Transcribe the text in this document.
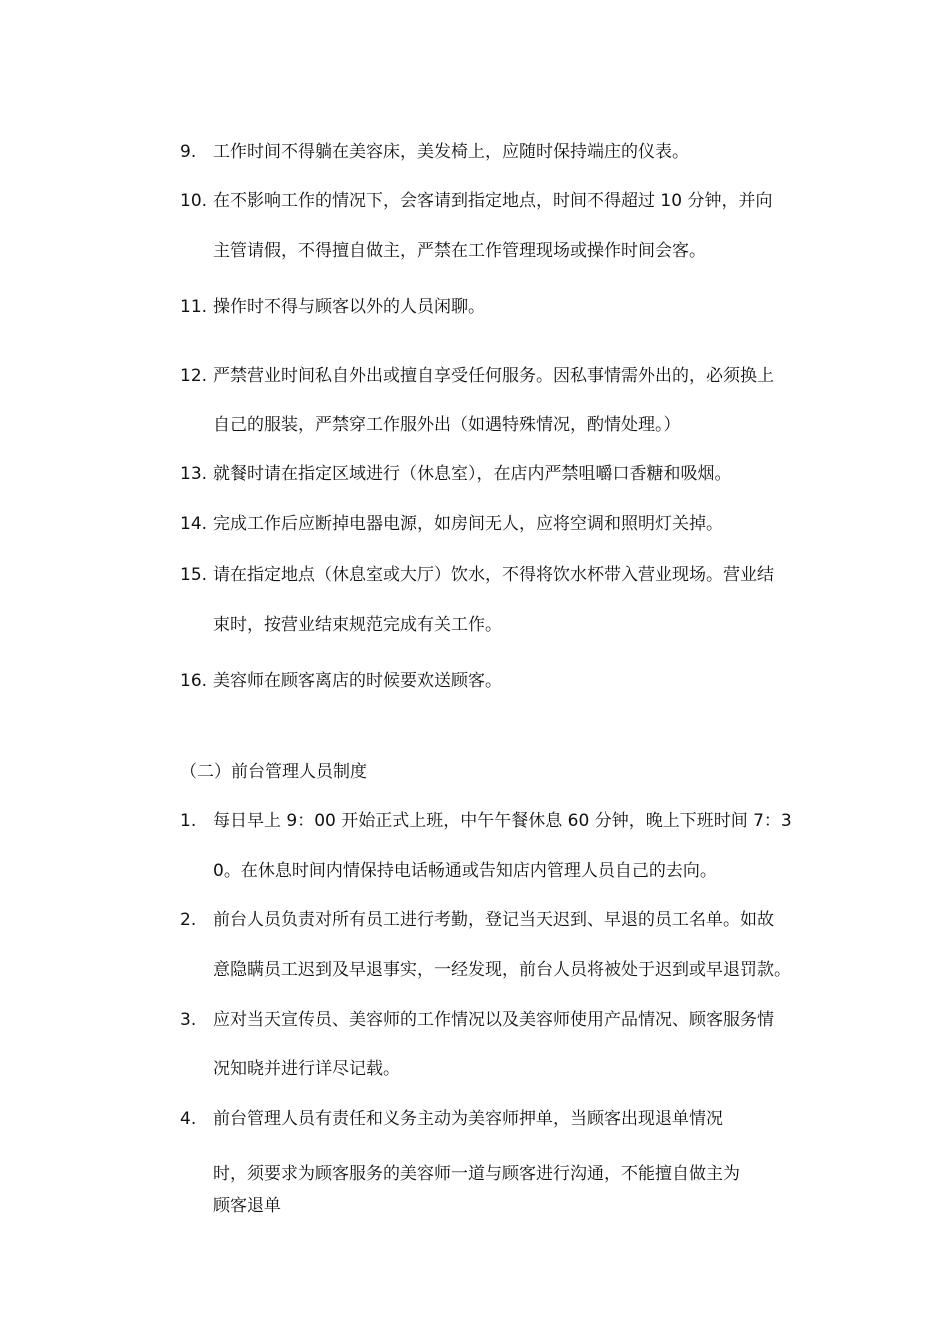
9. 工作时间不得躺在美容床，美发椅上，应随时保持端庄的仪表。
10. 在不影响工作的情况下，会客请到指定地点，时间不得超过 10 分钟，并向
主管请假，不得擅自做主，严禁在工作管理现场或操作时间会客。
11. 操作时不得与顾客以外的人员闲聊。
12. 严禁营业时间私自外出或擅自享受任何服务。因私事情需外出的，必须换上
自己的服装，严禁穿工作服外出（如遇特殊情况，酌情处理。）
13. 就餐时请在指定区域进行（休息室），在店内严禁咀嚼口香糖和吸烟。
14. 完成工作后应断掉电器电源，如房间无人，应将空调和照明灯关掉。
15. 请在指定地点（休息室或大厅）饮水，不得将饮水杯带入营业现场。营业结
束时，按营业结束规范完成有关工作。
16. 美容师在顾客离店的时候要欢送顾客。
（二）前台管理人员制度
1. 每日早上 9：00 开始正式上班，中午午餐休息 60 分钟，晚上下班时间 7：3
0。在休息时间内情保持电话畅通或告知店内管理人员自己的去向。
2. 前台人员负责对所有员工进行考勤，登记当天迟到、早退的员工名单。如故
意隐瞒员工迟到及早退事实，一经发现，前台人员将被处于迟到或早退罚款。
3. 应对当天宣传员、美容师的工作情况以及美容师使用产品情况、顾客服务情
况知晓并进行详尽记载。
4. 前台管理人员有责任和义务主动为美容师押单，当顾客出现退单情况
时，须要求为顾客服务的美容师一道与顾客进行沟通，不能擅自做主为
顾客退单
